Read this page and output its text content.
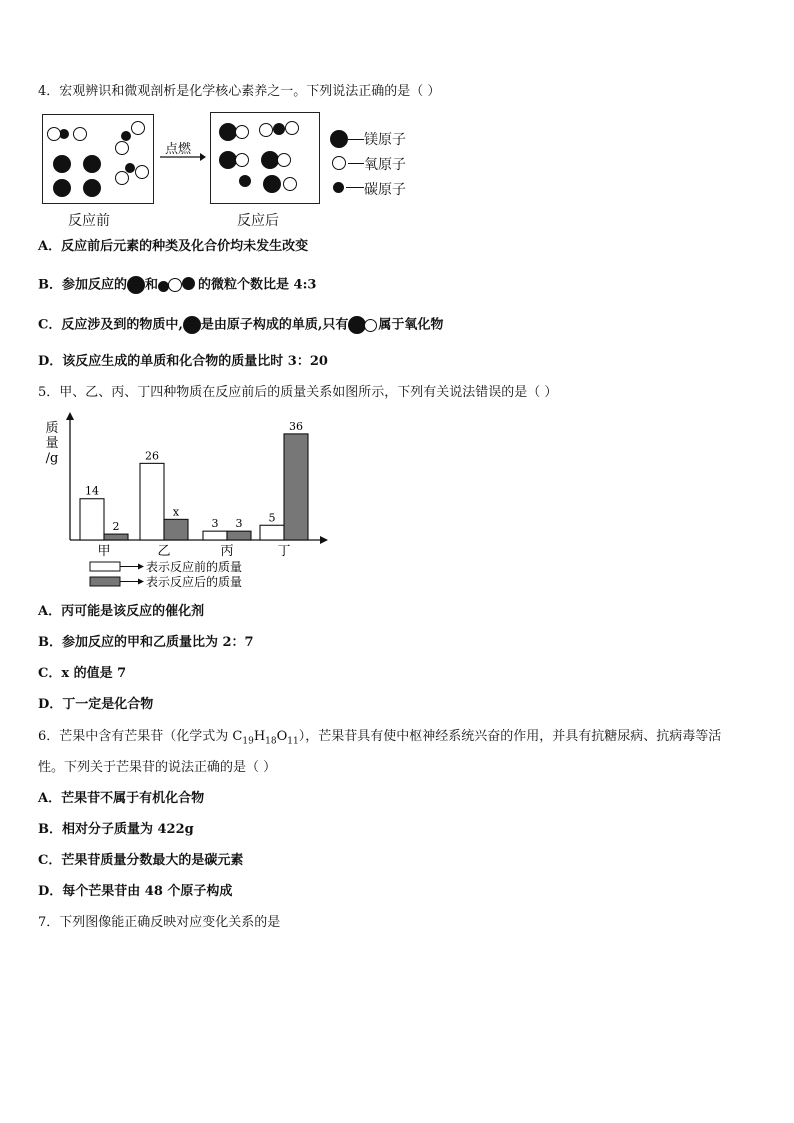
4．宏观辨识和微观剖析是化学核心素养之一。下列说法正确的是（ ）
反应前
点燃
反应后
镁原子
氧原子
碳原子
A．反应前后元素的种类及化合价均未发生改变
B．参加反应的 和	的微粒个数比是 4:3
C．反应涉及到的物质中, 是由原子构成的单质,只有 属于氧化物
D．该反应生成的单质和化合物的质量比时 3：20
5．甲、乙、丙、丁四种物质在反应前后的质量关系如图所示，下列有关说法错误的是（ ）
质量/g
14
2
甲
26
x
乙
3 3
丙
5
36
丁
表示反应前的质量
表示反应后的质量
A．丙可能是该反应的催化剂
B．参加反应的甲和乙质量比为 2：7
C．x 的值是 7
D．丁一定是化合物
6．芒果中含有芒果苷（化学式为 $C_{19}H_{18}O_{11}$），芒果苷具有使中枢神经系统兴奋的作用，并具有抗糖尿病、抗病毒等活
性。下列关于芒果苷的说法正确的是（ ）
A．芒果苷不属于有机化合物
B．相对分子质量为 422g
C．芒果苷质量分数最大的是碳元素
D．每个芒果苷由 48 个原子构成
7．下列图像能正确反映对应变化关系的是
